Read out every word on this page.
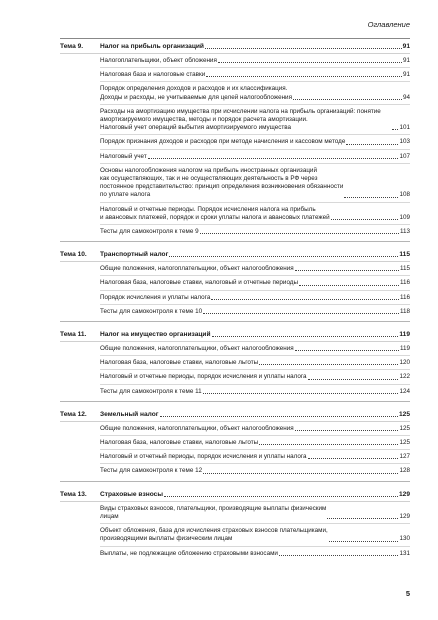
Оглавление
Тема 9.	Налог на прибыль организаций	91
Налогоплательщики, объект обложения	91
Налоговая база и налоговые ставки	91
Порядок определения доходов и расходов и их классификация.
Доходы и расходы, не учитываемые для целей налогообложения	94
Расходы на амортизацию имущества при исчислении налога на прибыль организаций: понятие амортизируемого имущества, методы и порядок расчета амортизации.
Налоговый учет операций выбытия амортизируемого имущества	101
Порядок признания доходов и расходов при методе начисления и кассовом методе	103
Налоговый учет	107
Основы налогообложения налогом на прибыль иностранных организаций
как осуществляющих, так и не осуществляющих деятельность в РФ через
постоянное представительство: принцип определения возникновения обязанности
по уплате налога	108
Налоговый и отчетные периоды. Порядок исчисления налога на прибыль
и авансовых платежей, порядок и сроки уплаты налога и авансовых платежей	109
Тесты для самоконтроля к теме 9	113
Тема 10.	Транспортный налог	115
Общие положения, налогоплательщики, объект налогообложения	115
Налоговая база, налоговые ставки, налоговый и отчетные периоды	116
Порядок исчисления и уплаты налога	116
Тесты для самоконтроля к теме 10	118
Тема 11.	Налог на имущество организаций	119
Общие положения, налогоплательщики, объект налогообложения	119
Налоговая база, налоговые ставки, налоговые льготы	120
Налоговый и отчетные периоды, порядок исчисления и уплаты налога	122
Тесты для самоконтроля к теме 11	124
Тема 12.	Земельный налог	125
Общие положения, налогоплательщики, объект налогообложения	125
Налоговая база, налоговые ставки, налоговые льготы	125
Налоговый и отчетный периоды, порядок исчисления и уплаты налога	127
Тесты для самоконтроля к теме 12	128
Тема 13.	Страховые взносы	129
Виды страховых взносов, плательщики, производящие выплаты физическим
лицам	129
Объект обложения, база для исчисления страховых взносов плательщиками,
производящими выплаты физическим лицам	130
Выплаты, не подлежащие обложению страховыми взносами	131
5
